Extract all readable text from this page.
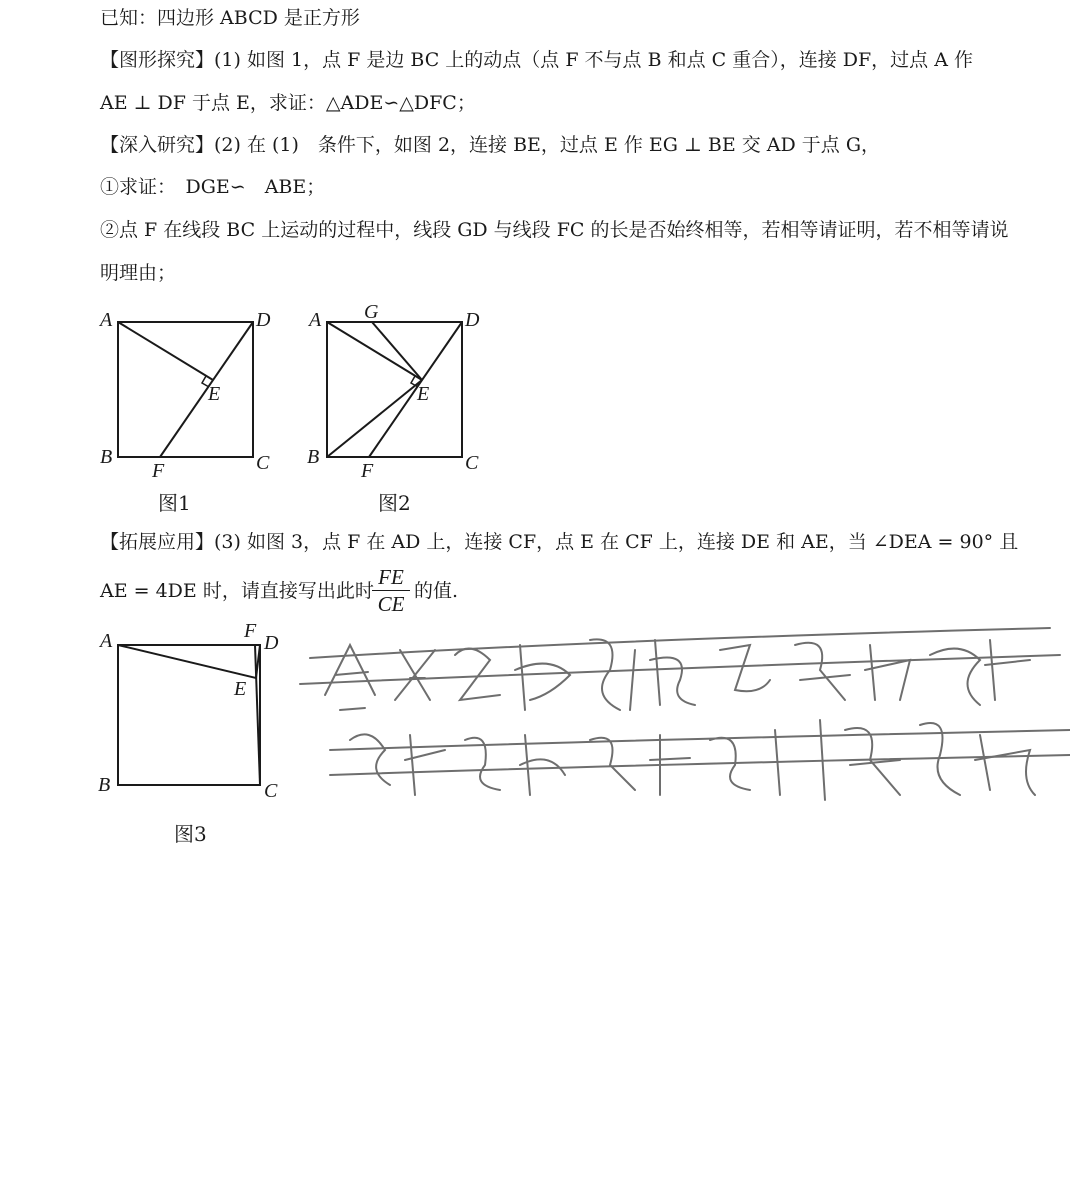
已知：四边形 ABCD 是正方形
【图形探究】(1) 如图 1，点 F 是边 BC 上的动点（点 F 不与点 B 和点 C 重合），连接 DF，过点 A 作
AE ⊥ DF 于点 E，求证：△ADE∽△DFC；
【深入研究】(2) 在 (1)　条件下，如图 2，连接 BE，过点 E 作 EG ⊥ BE 交 AD 于点 G，
①求证：　DGE∽　ABE；
②点 F 在线段 BC 上运动的过程中，线段 GD 与线段 FC 的长是否始终相等，若相等请证明，若不相等请说
明理由；
A	D
E
B	C
F
A G	D
E
B	C
F
图1	图2
【拓展应用】(3) 如图 3，点 F 在 AD 上，连接 CF，点 E 在 CF 上，连接 DE 和 AE，当 ∠DEA = 90° 且
AE = 4DE 时，请直接写出此时
FE
CE
的值.
A	F
D
E
B	C
图3
